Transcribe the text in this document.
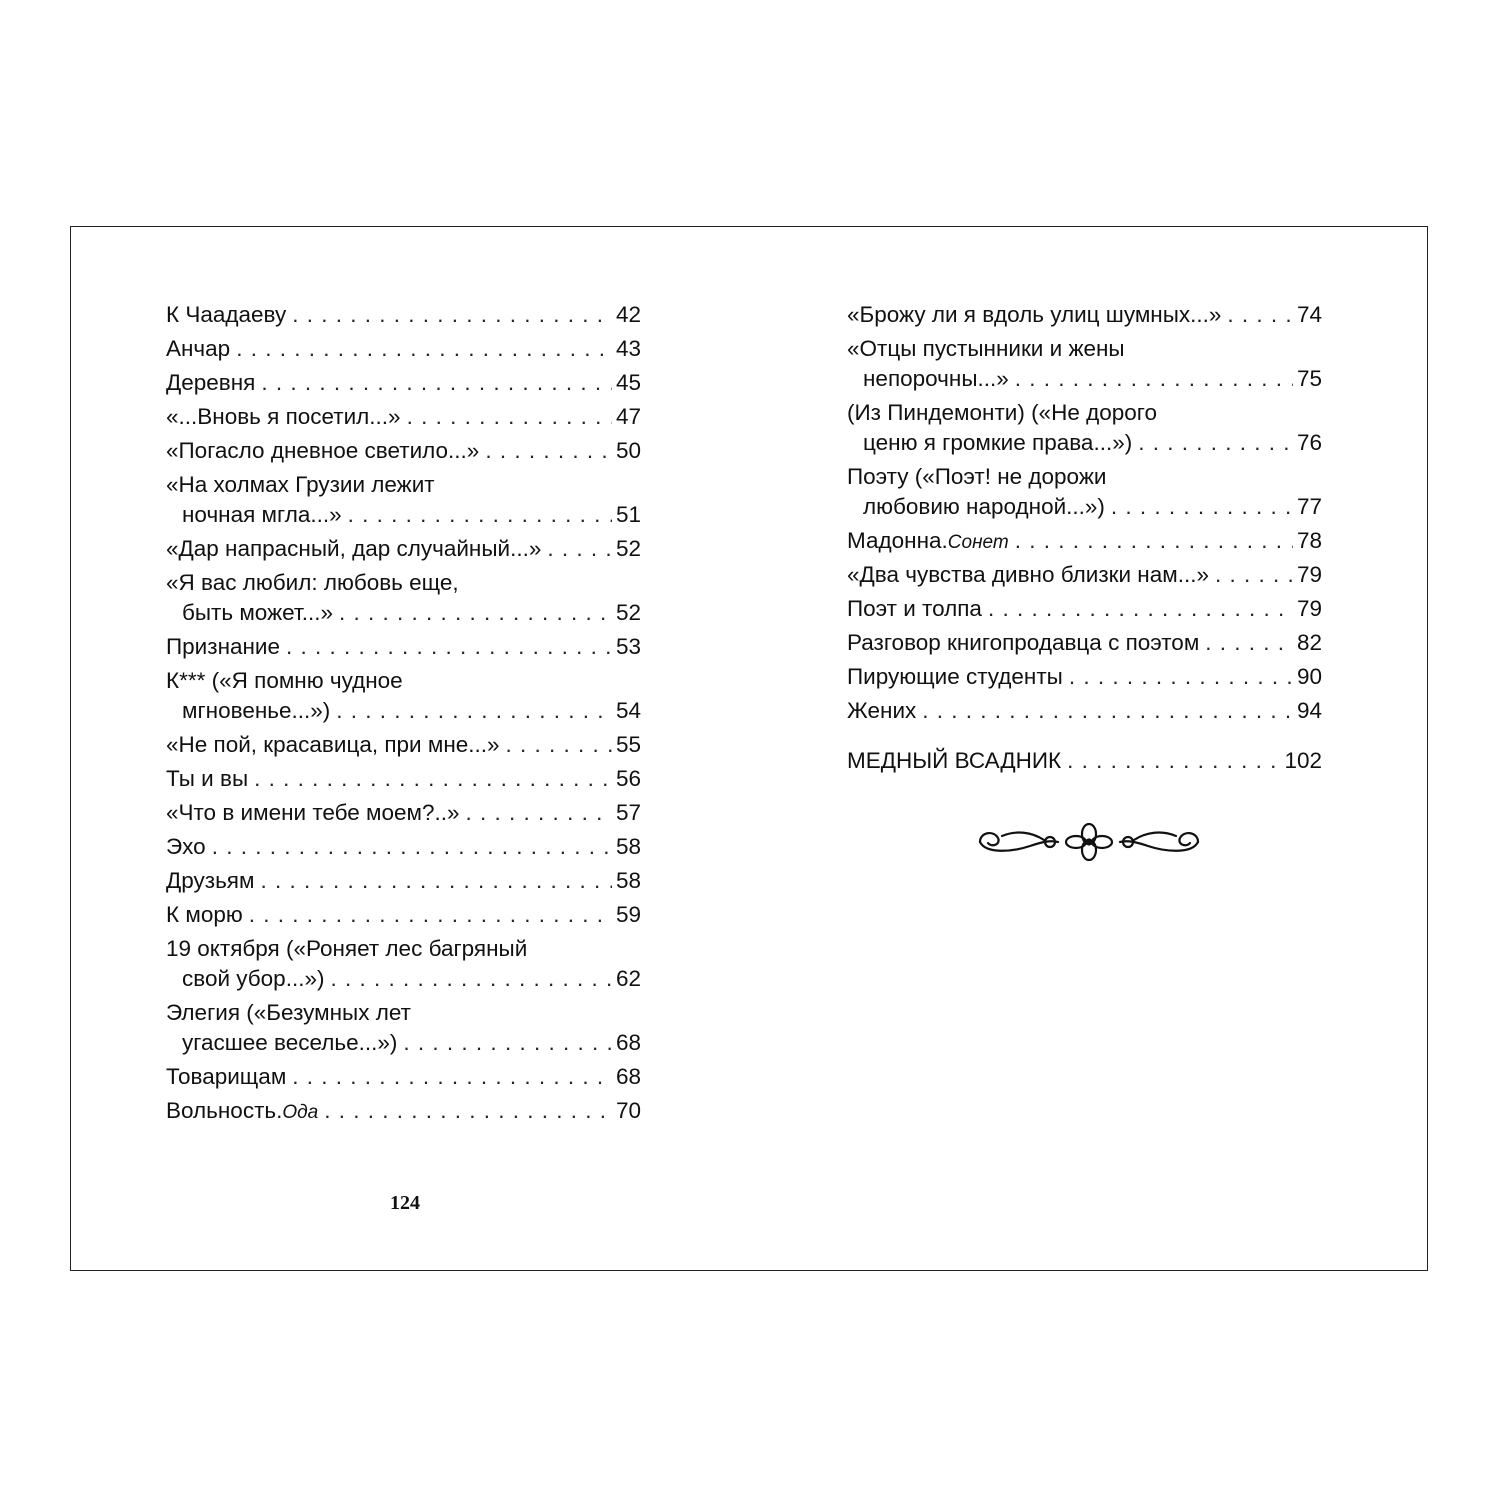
К Чаадаеву . . .	42
Анчар . . .	43
Деревня . . .	45
«...Вновь я посетил...» . . .	47
«Погасло дневное светило...» . . .	50
«На холмах Грузии лежит
ночная мгла...» . . .	51
«Дар напрасный, дар случайный...» . . .	52
«Я вас любил: любовь еще,
быть может...» . . .	52
Признание . . .	53
К*** («Я помню чудное
мгновенье...») . . .	54
«Не пой, красавица, при мне...» . . .	55
Ты и вы . . .	56
«Что в имени тебе моем?..» . . .	57
Эхо . . .	58
Друзьям . . .	58
К морю . . .	59
19 октября («Роняет лес багряный
свой убор...») . . .	62
Элегия («Безумных лет
угасшее веселье...») . . .	68
Товарищам . . .	68
Вольность. Ода . . .	70
«Брожу ли я вдоль улиц шумных...» . . .	74
«Отцы пустынники и жены
непорочны...» . . .	75
(Из Пиндемонти) («Не дорого
ценю я громкие права...») . . .	76
Поэту («Поэт! не дорожи
любовию народной...») . . .	77
Мадонна. Сонет . . .	78
«Два чувства дивно близки нам...» . . .	79
Поэт и толпа . . .	79
Разговор книгопродавца с поэтом . . .	82
Пирующие студенты . . .	90
Жених . . .	94
МЕДНЫЙ ВСАДНИК . . .	102
124
